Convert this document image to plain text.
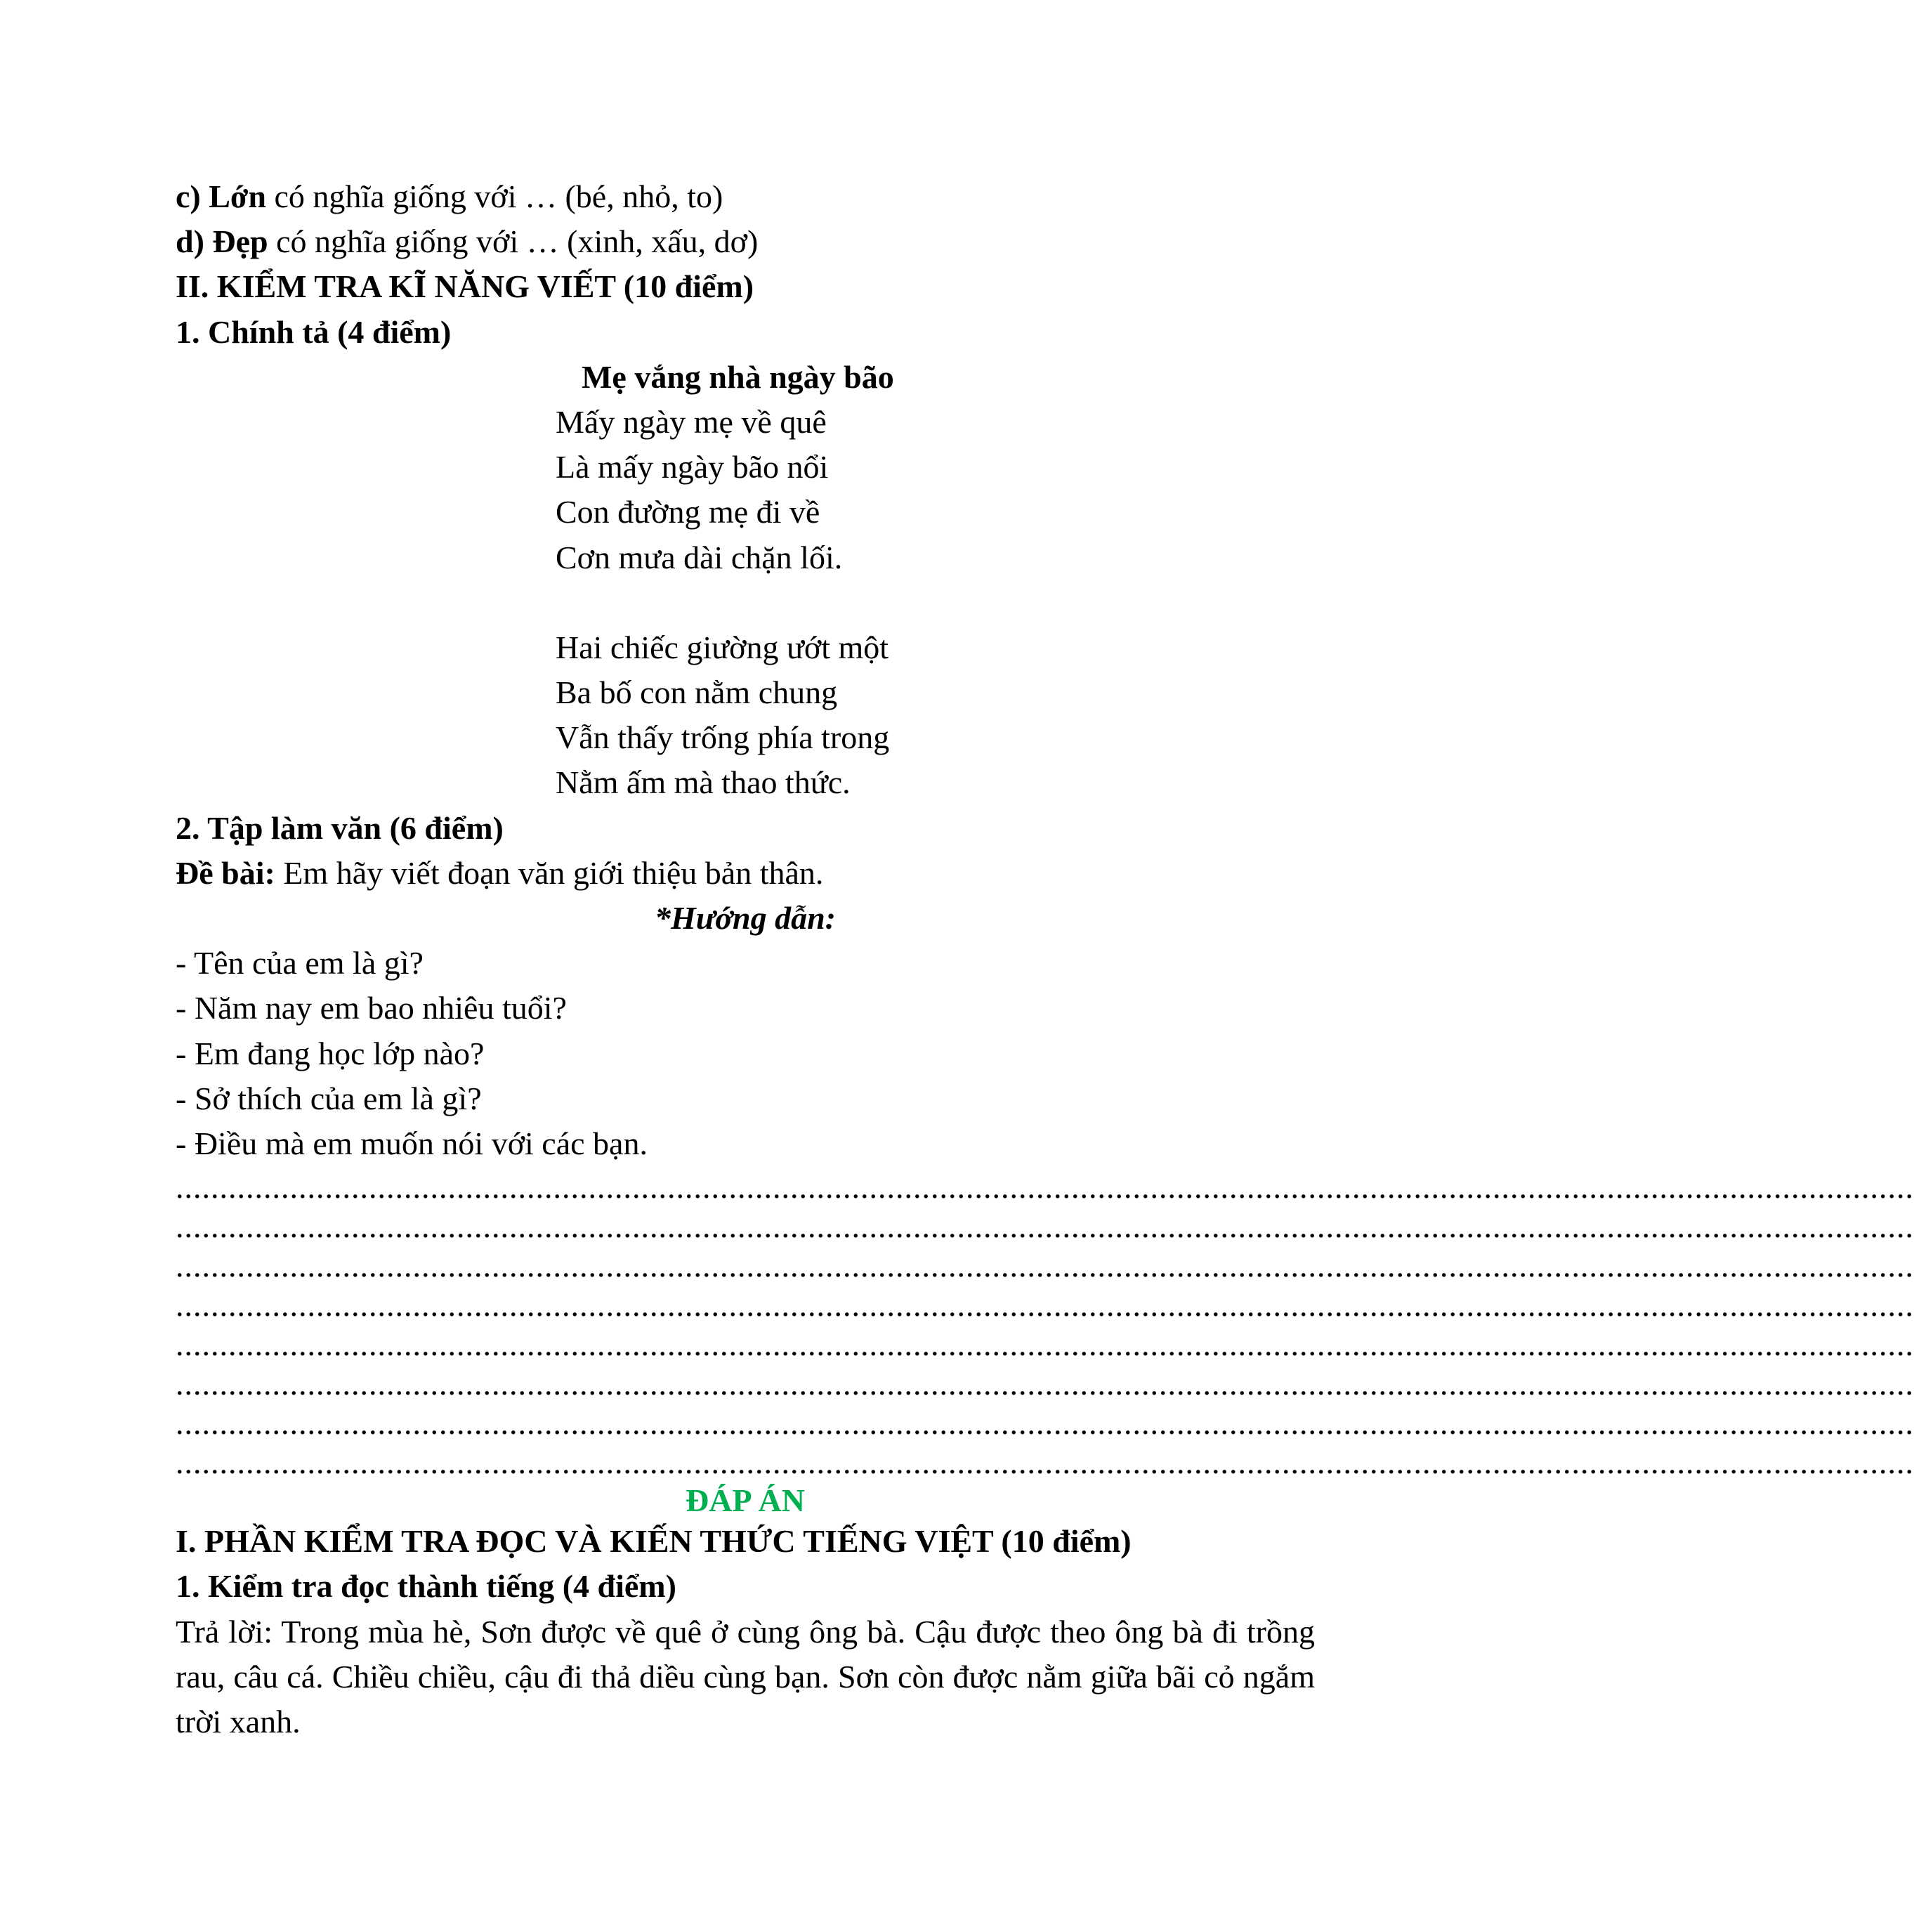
c) Lớn có nghĩa giống với … (bé, nhỏ, to)
d) Đẹp có nghĩa giống với … (xinh, xấu, dơ)
II. KIỂM TRA KĨ NĂNG VIẾT (10 điểm)
1. Chính tả (4 điểm)
Mẹ vắng nhà ngày bão
Mấy ngày mẹ về quê
Là mấy ngày bão nổi
Con đường mẹ đi về
Cơn mưa dài chặn lối.
Hai chiếc giường ướt một
Ba bố con nằm chung
Vẫn thấy trống phía trong
Nằm ấm mà thao thức.
2. Tập làm văn (6 điểm)
Đề bài: Em hãy viết đoạn văn giới thiệu bản thân.
*Hướng dẫn:
- Tên của em là gì?
- Năm nay em bao nhiêu tuổi?
- Em đang học lớp nào?
- Sở thích của em là gì?
- Điều mà em muốn nói với các bạn.
......................................................................................................................................................................................................
......................................................................................................................................................................................................
......................................................................................................................................................................................................
......................................................................................................................................................................................................
......................................................................................................................................................................................................
......................................................................................................................................................................................................
......................................................................................................................................................................................................
......................................................................................................................................................................................................
ĐÁP ÁN
I. PHẦN KIỂM TRA ĐỌC VÀ KIẾN THỨC TIẾNG VIỆT (10 điểm)
1. Kiểm tra đọc thành tiếng (4 điểm)
Trả lời: Trong mùa hè, Sơn được về quê ở cùng ông bà. Cậu được theo ông bà đi trồng rau, câu cá. Chiều chiều, cậu đi thả diều cùng bạn. Sơn còn được nằm giữa bãi cỏ ngắm trời xanh.
